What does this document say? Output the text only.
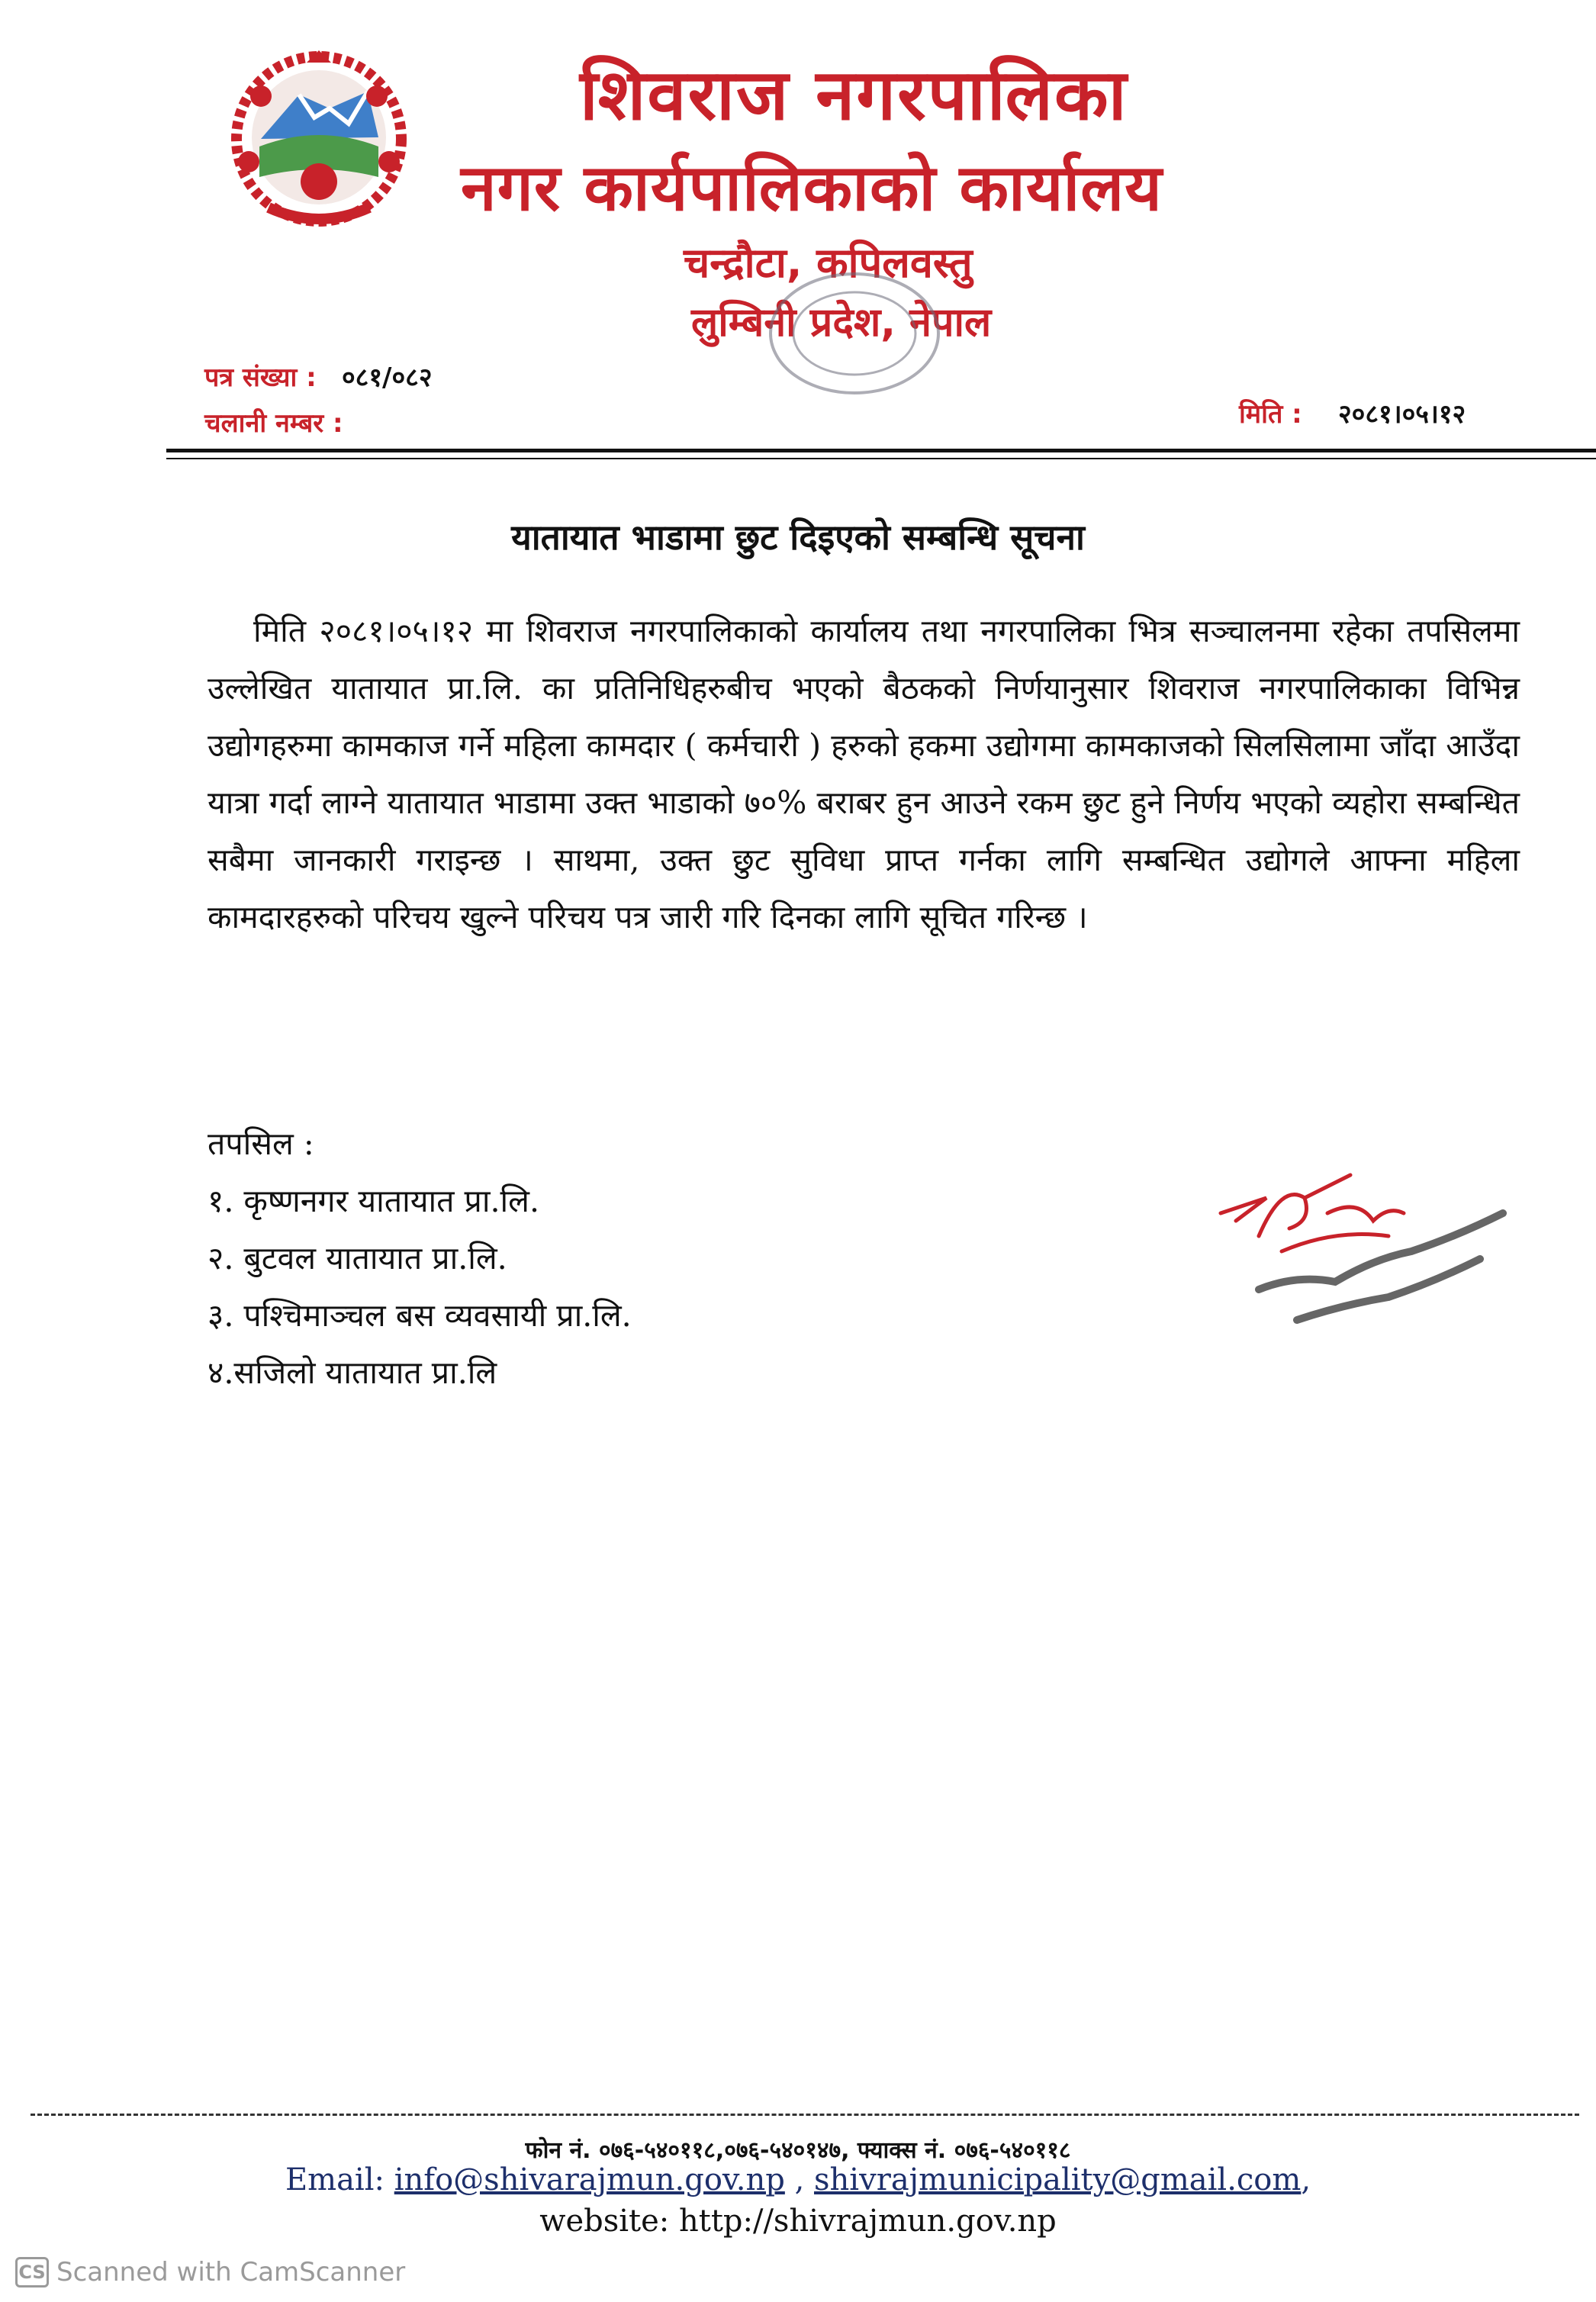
शिवराज नगरपालिका
नगर कार्यपालिकाको कार्यालय
चन्द्रौटा, कपिलवस्तु
लुम्बिनी प्रदेश, नेपाल
पत्र संख्या : ०८१/०८२
चलानी नम्बर :	मिति : २०८१।०५।१२
यातायात भाडामा छुट दिइएको सम्बन्धि सूचना
मिति २०८१।०५।१२ मा शिवराज नगरपालिकाको कार्यालय तथा नगरपालिका भित्र सञ्चालनमा रहेका तपसिलमा उल्लेखित यातायात प्रा.लि. का प्रतिनिधिहरुबीच भएको बैठकको निर्णयानुसार शिवराज नगरपालिकाका विभिन्न उद्योगहरुमा कामकाज गर्ने महिला कामदार ( कर्मचारी ) हरुको हकमा उद्योगमा कामकाजको सिलसिलामा जाँदा आउँदा यात्रा गर्दा लाग्ने यातायात भाडामा उक्त भाडाको ७०% बराबर हुन आउने रकम छुट हुने निर्णय भएको व्यहोरा सम्बन्धित सबैमा जानकारी गराइन्छ । साथमा, उक्त छुट सुविधा प्राप्त गर्नका लागि सम्बन्धित उद्योगले आफ्ना महिला कामदारहरुको परिचय खुल्ने परिचय पत्र जारी गरि दिनका लागि सूचित गरिन्छ ।
तपसिल :
१. कृष्णनगर यातायात प्रा.लि.
२. बुटवल यातायात प्रा.लि.
३. पश्चिमाञ्चल बस व्यवसायी प्रा.लि.
४.सजिलो यातायात प्रा.लि
फोन नं. ०७६-५४०११८,०७६-५४०१४७, फ्याक्स नं. ०७६-५४०११८
Email: info@shivarajmun.gov.np , shivrajmunicipality@gmail.com,
website: http://shivrajmun.gov.np
CS Scanned with CamScanner
